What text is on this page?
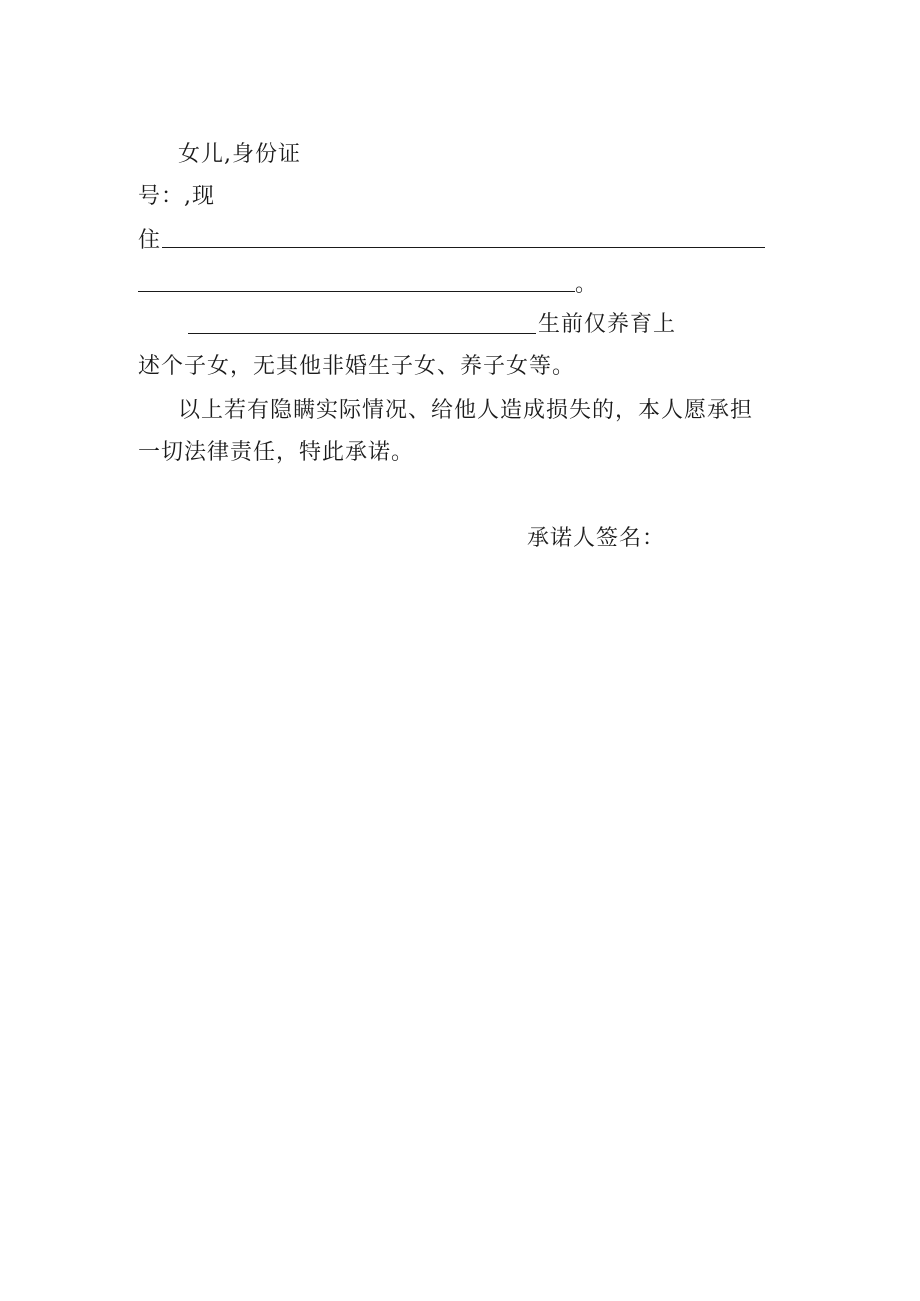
女儿,身份证
号：,现
住
。
生前仅养育上
述个子女，无其他非婚生子女、养子女等。
以上若有隐瞒实际情况、给他人造成损失的，本人愿承担
一切法律责任，特此承诺。
承诺人签名：
